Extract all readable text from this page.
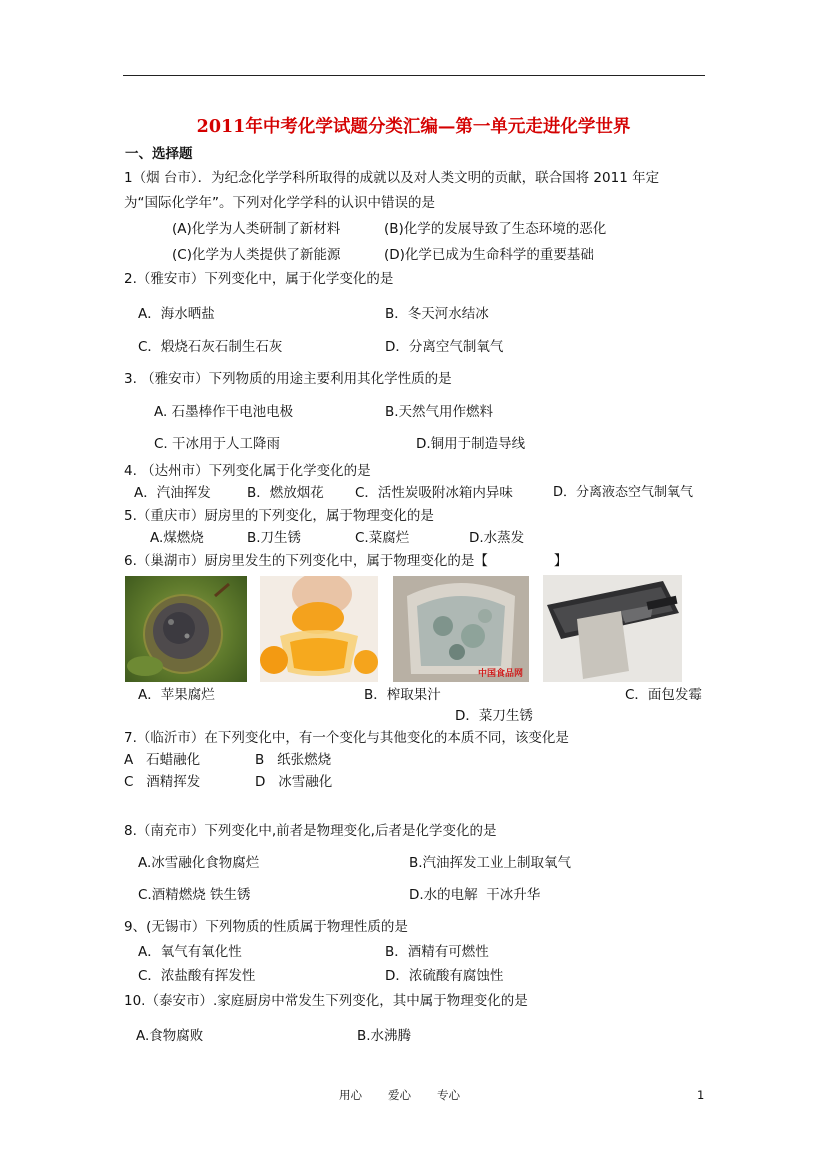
2011年中考化学试题分类汇编—第一单元走进化学世界
一、选择题
1（烟 台市）．为纪念化学学科所取得的成就以及对人类文明的贡献，联合国将 2011 年定
为“国际化学年”。下列对化学学科的认识中错误的是
(A)化学为人类研制了新材料	(B)化学的发展导致了生态环境的恶化
(C)化学为人类提供了新能源	(D)化学已成为生命科学的重要基础
2.（雅安市）下列变化中，属于化学变化的是
A．海水晒盐	B．冬天河水结冰
C．煅烧石灰石制生石灰	D．分离空气制氧气
3. （雅安市）下列物质的用途主要利用其化学性质的是
A. 石墨棒作干电池电极	B.天然气用作燃料
C. 干冰用于人工降雨	D.铜用于制造导线
4. （达州市）下列变化属于化学变化的是
A．汽油挥发	B．燃放烟花 C．活性炭吸附冰箱内异味	D．分离液态空气制氧气
5.（重庆市）厨房里的下列变化，属于物理变化的是
A.煤燃烧	B.刀生锈	C.菜腐烂	D.水蒸发
6.（巢湖市）厨房里发生的下列变化中，属于物理变化的是【	】
中国食品网
A．苹果腐烂	B．榨取果汁	C．面包发霉
D．菜刀生锈
7.（临沂市）在下列变化中，有一个变化与其他变化的本质不同，该变化是
A   石蜡融化	B   纸张燃烧
C   酒精挥发	D   冰雪融化
8.（南充市）下列变化中,前者是物理变化,后者是化学变化的是
A.冰雪融化食物腐烂	B.汽油挥发工业上制取氧气
C.酒精燃烧 铁生锈	D.水的电解  干冰升华
9、(无锡市）下列物质的性质属于物理性质的是
A．氧气有氧化性	B．酒精有可燃性
C．浓盐酸有挥发性	D．浓硫酸有腐蚀性
10.（泰安市）.家庭厨房中常发生下列变化，其中属于物理变化的是
A.食物腐败	B.水沸腾
用心 爱心 专心	1
